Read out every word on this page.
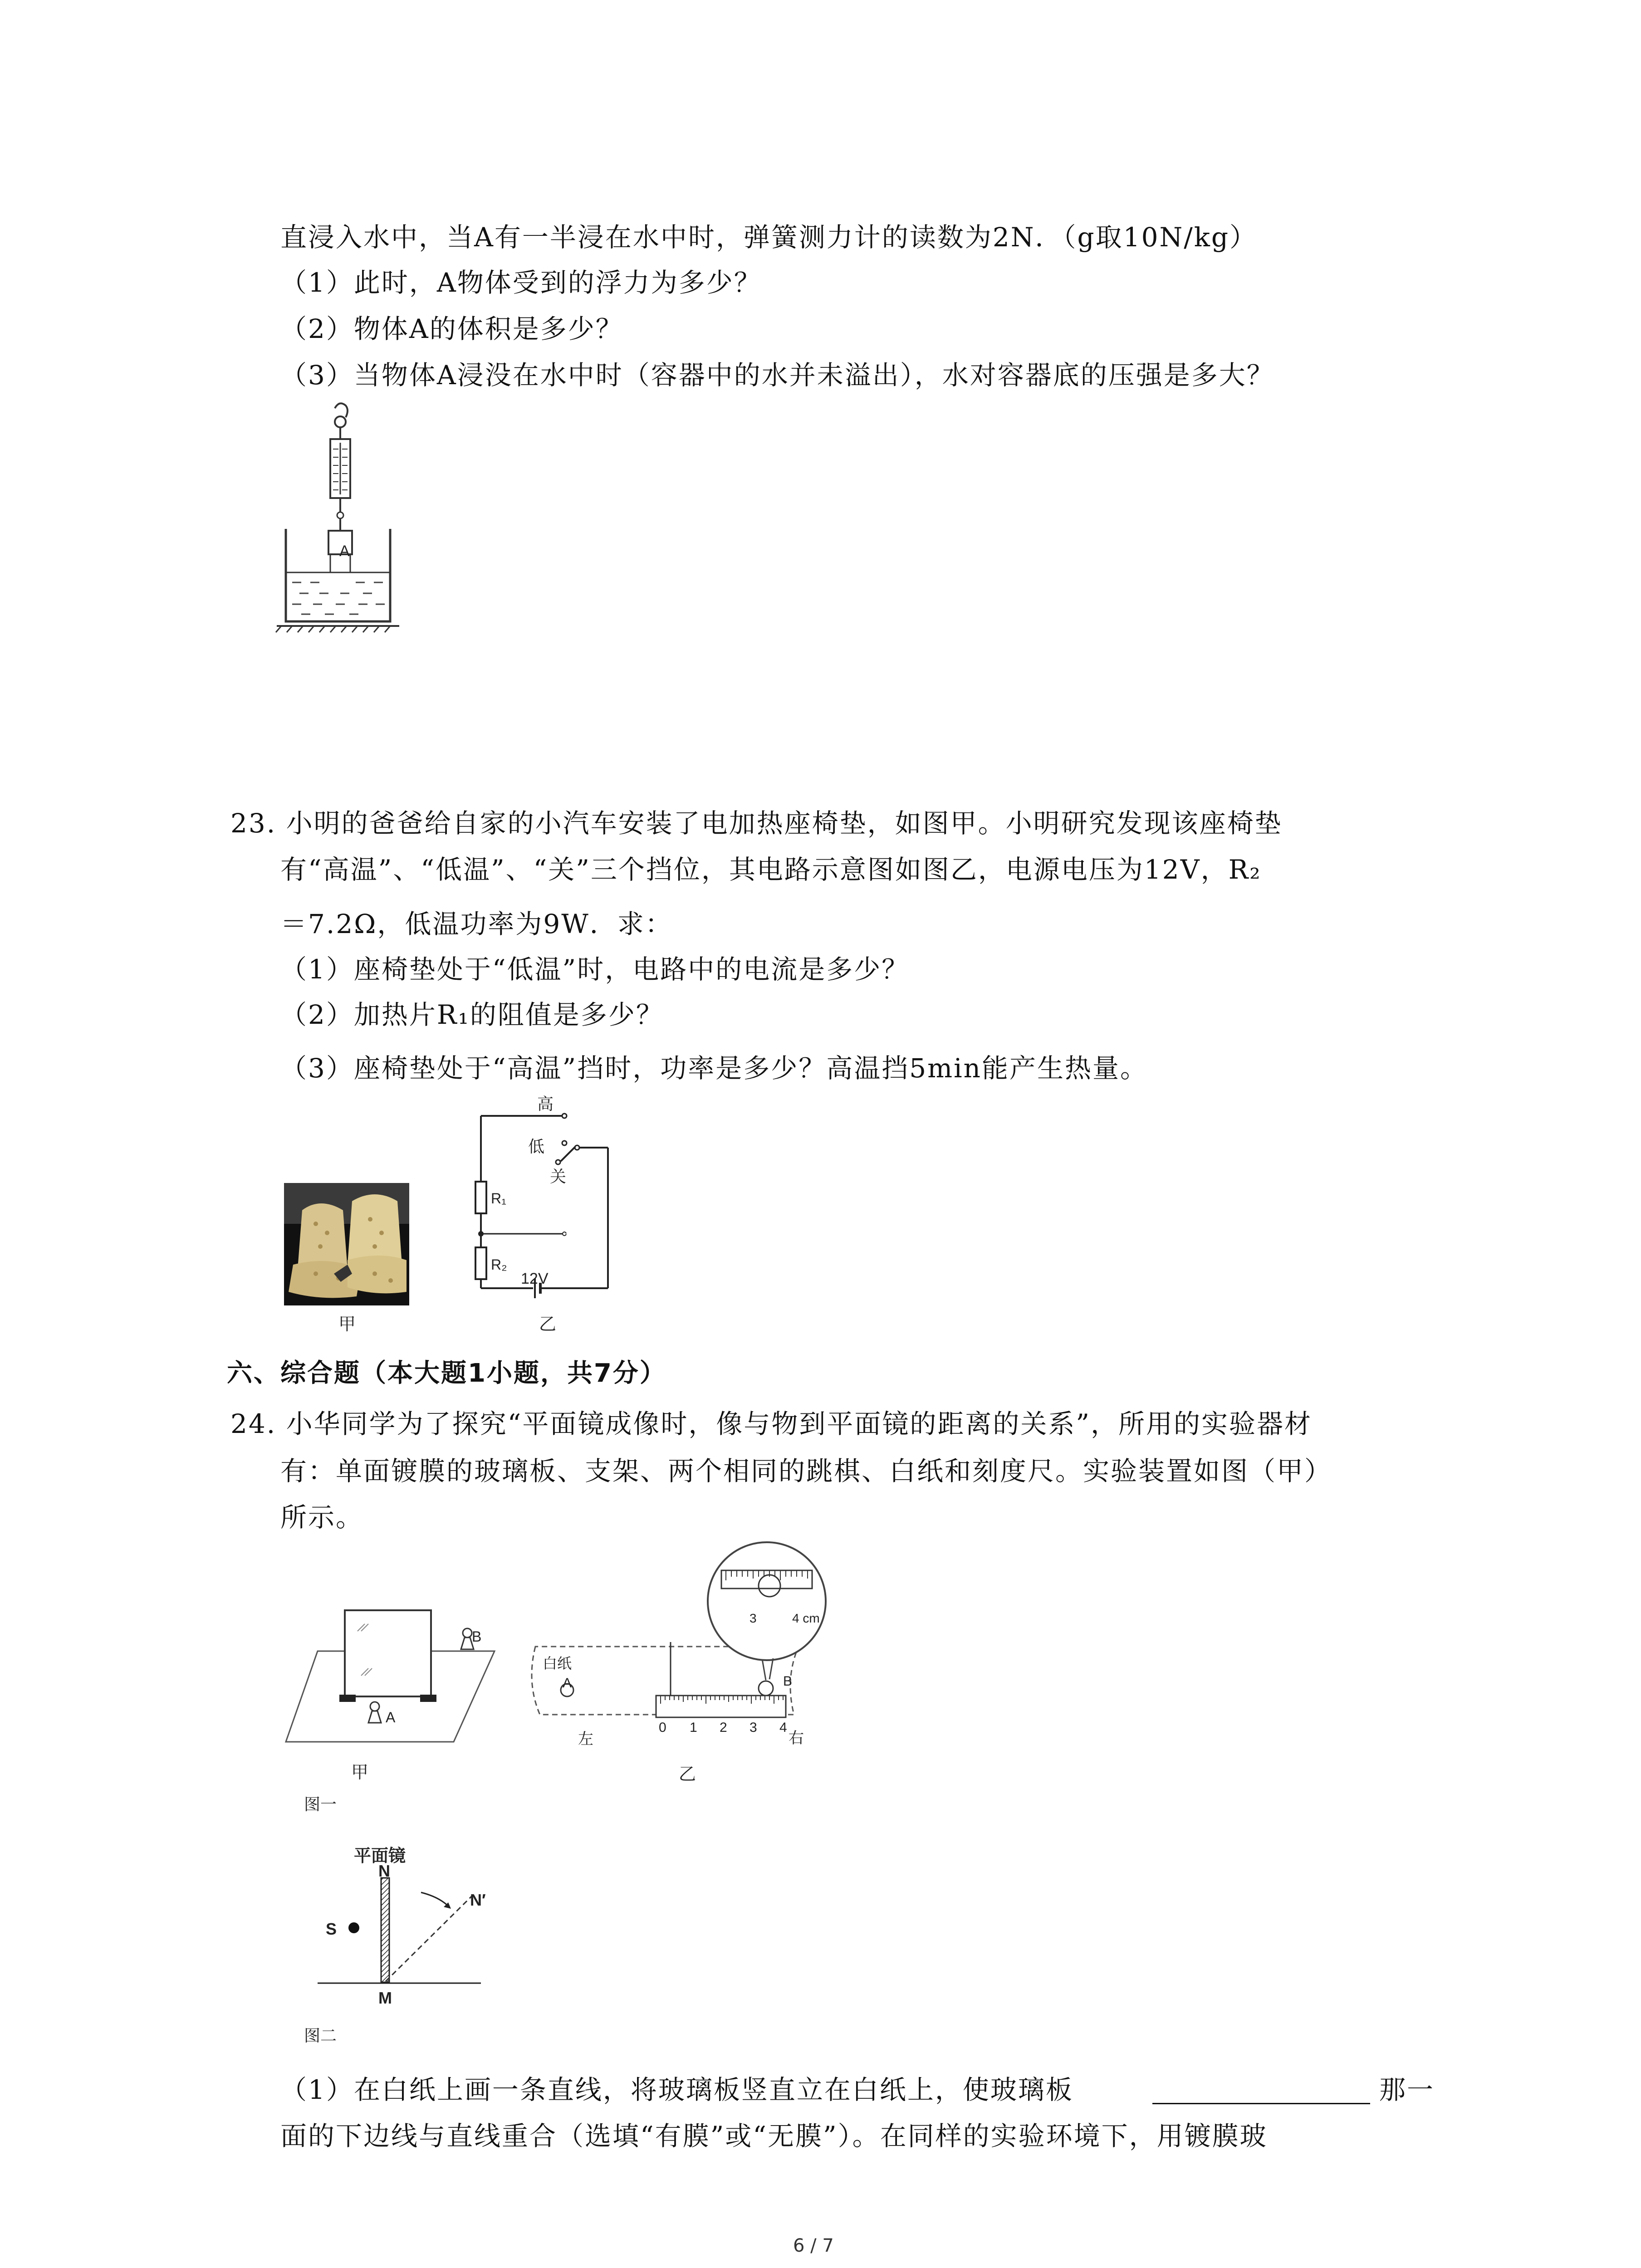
直浸入水中，当A有一半浸在水中时，弹簧测力计的读数为2N．（g取10N/kg）
（1）此时，A物体受到的浮力为多少？
（2）物体A的体积是多少？
（3）当物体A浸没在水中时（容器中的水并未溢出），水对容器底的压强是多大？
A
23. 小明的爸爸给自家的小汽车安装了电加热座椅垫，如图甲。小明研究发现该座椅垫
有“高温”、“低温”、“关”三个挡位，其电路示意图如图乙，电源电压为12V，R₂
＝7.2Ω，低温功率为9W．求：
（1）座椅垫处于“低温”时，电路中的电流是多少？
（2）加热片R₁的阻值是多少？
（3）座椅垫处于“高温”挡时，功率是多少？高温挡5min能产生热量。
甲
高
低
关
R₁
R₂
12V
乙
六、综合题（本大题1小题，共7分）
24. 小华同学为了探究“平面镜成像时，像与物到平面镜的距离的关系”，所用的实验器材
有：单面镀膜的玻璃板、支架、两个相同的跳棋、白纸和刻度尺。实验装置如图（甲）
所示。
B
A
甲
白纸
A
左	右
B
0 1 2 3 4
3	4 cm
乙
图一
平面镜
N
N′
S
M
图二
（1）在白纸上画一条直线，将玻璃板竖直立在白纸上，使玻璃板	那一
面的下边线与直线重合（选填“有膜”或“无膜”）。在同样的实验环境下，用镀膜玻
6 / 7
